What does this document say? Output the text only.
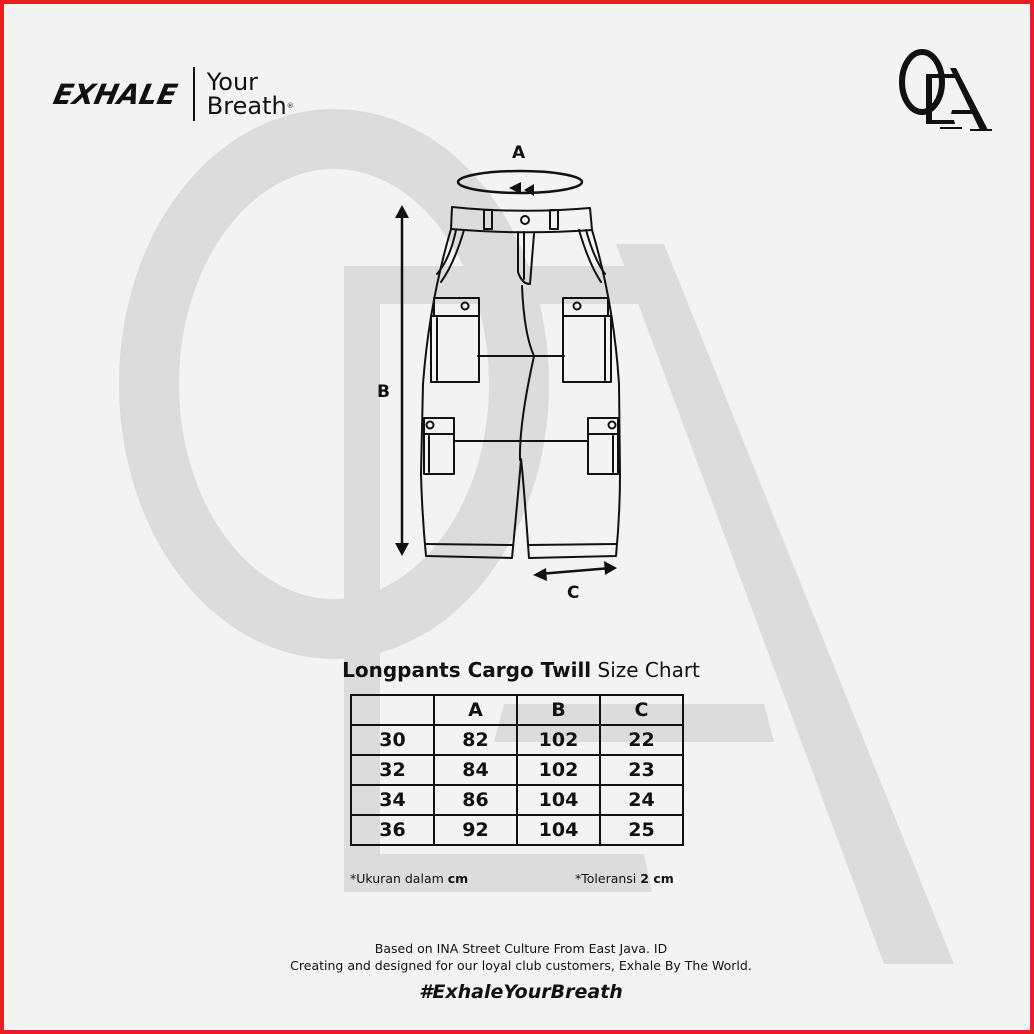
EXHALE Your
Breath®
A
B
C
Longpants Cargo Twill Size Chart
	A	B	C
30	82	102	22
32	84	102	23
34	86	104	24
36	92	104	25
*Ukuran dalam cm	*Toleransi 2 cm
Based on INA Street Culture From East Java. ID
Creating and designed for our loyal club customers, Exhale By The World.
#ExhaleYourBreath
